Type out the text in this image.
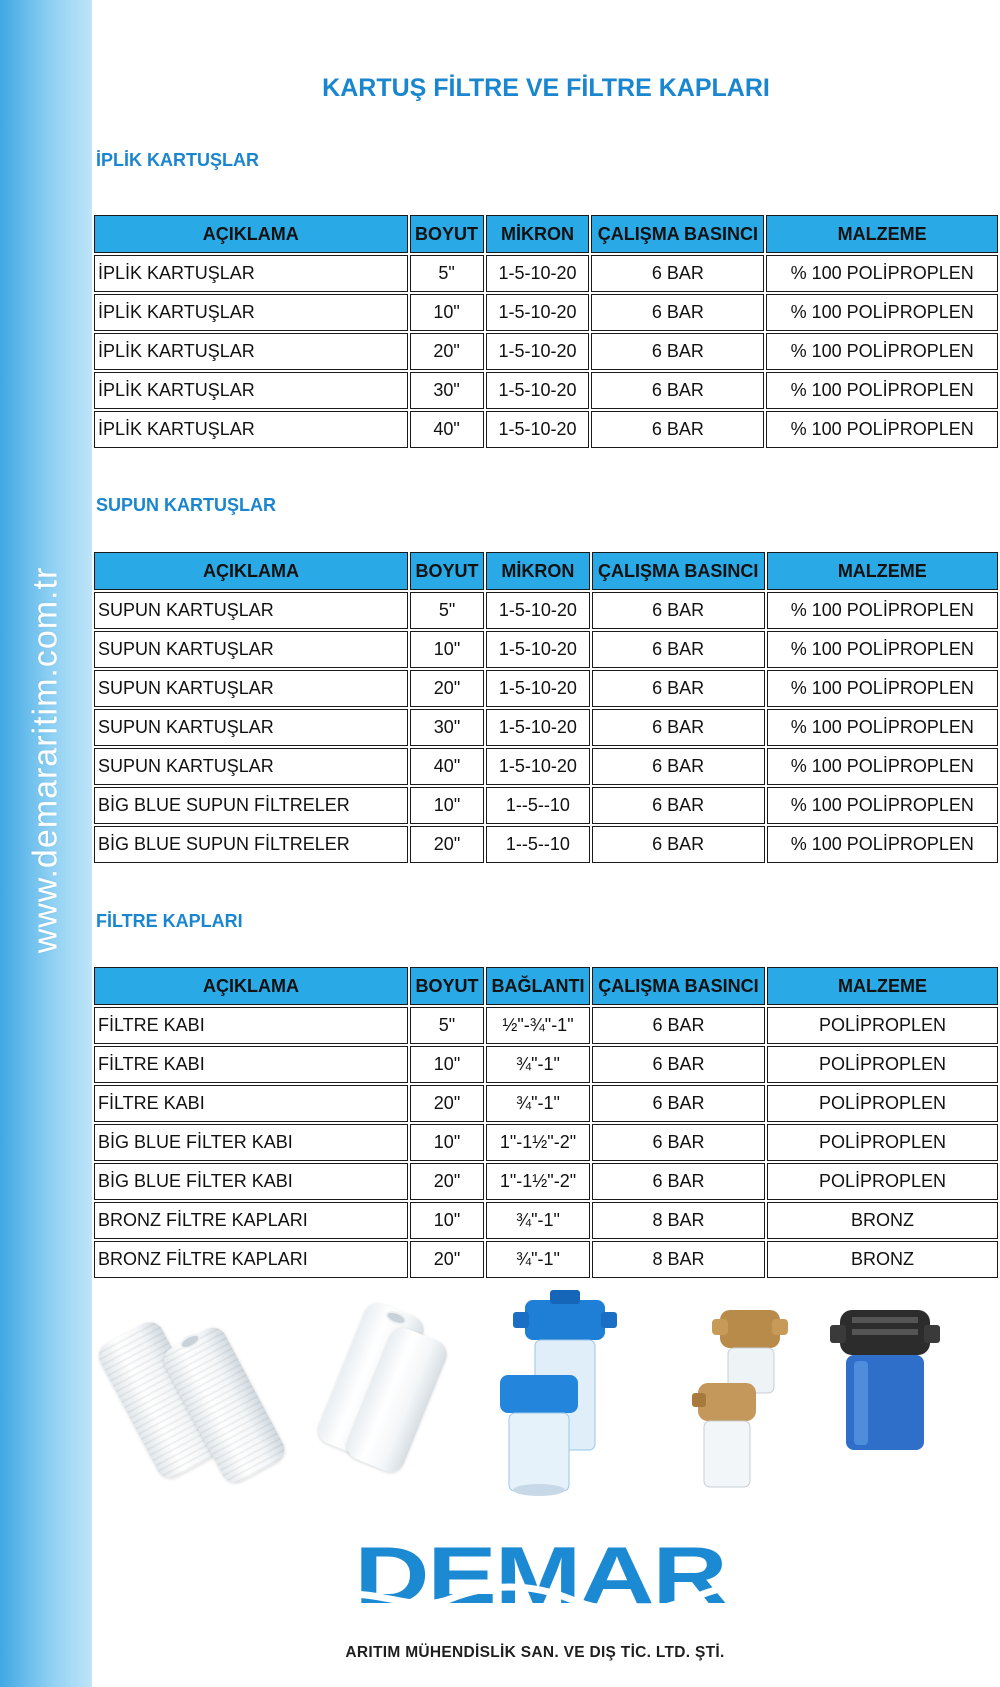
www.demararitim.com.tr
KARTUŞ FİLTRE VE FİLTRE KAPLARI
İPLİK KARTUŞLAR
AÇIKLAMA	BOYUT	MİKRON	ÇALIŞMA BASINCI	MALZEME
İPLİK KARTUŞLAR	5"	1-5-10-20	6 BAR	% 100 POLİPROPLEN
İPLİK KARTUŞLAR	10"	1-5-10-20	6 BAR	% 100 POLİPROPLEN
İPLİK KARTUŞLAR	20"	1-5-10-20	6 BAR	% 100 POLİPROPLEN
İPLİK KARTUŞLAR	30"	1-5-10-20	6 BAR	% 100 POLİPROPLEN
İPLİK KARTUŞLAR	40"	1-5-10-20	6 BAR	% 100 POLİPROPLEN
SUPUN KARTUŞLAR
AÇIKLAMA	BOYUT	MİKRON	ÇALIŞMA BASINCI	MALZEME
SUPUN KARTUŞLAR	5"	1-5-10-20	6 BAR	% 100 POLİPROPLEN
SUPUN KARTUŞLAR	10"	1-5-10-20	6 BAR	% 100 POLİPROPLEN
SUPUN KARTUŞLAR	20"	1-5-10-20	6 BAR	% 100 POLİPROPLEN
SUPUN KARTUŞLAR	30"	1-5-10-20	6 BAR	% 100 POLİPROPLEN
SUPUN KARTUŞLAR	40"	1-5-10-20	6 BAR	% 100 POLİPROPLEN
BİG BLUE SUPUN FİLTRELER	10"	1--5--10	6 BAR	% 100 POLİPROPLEN
BİG BLUE SUPUN FİLTRELER	20"	1--5--10	6 BAR	% 100 POLİPROPLEN
FİLTRE KAPLARI
AÇIKLAMA	BOYUT	BAĞLANTI	ÇALIŞMA BASINCI	MALZEME
FİLTRE KABI	5"	½"-¾"-1"	6 BAR	POLİPROPLEN
FİLTRE KABI	10"	¾"-1"	6 BAR	POLİPROPLEN
FİLTRE KABI	20"	¾"-1"	6 BAR	POLİPROPLEN
BİG BLUE FİLTER KABI	10"	1"-1½"-2"	6 BAR	POLİPROPLEN
BİG BLUE FİLTER KABI	20"	1"-1½"-2"	6 BAR	POLİPROPLEN
BRONZ FİLTRE KAPLARI	10"	¾"-1"	8 BAR	BRONZ
BRONZ FİLTRE KAPLARI	20"	¾"-1"	8 BAR	BRONZ
DEMAR
ARITIM MÜHENDİSLİK SAN. VE DIŞ TİC. LTD. ŞTİ.
